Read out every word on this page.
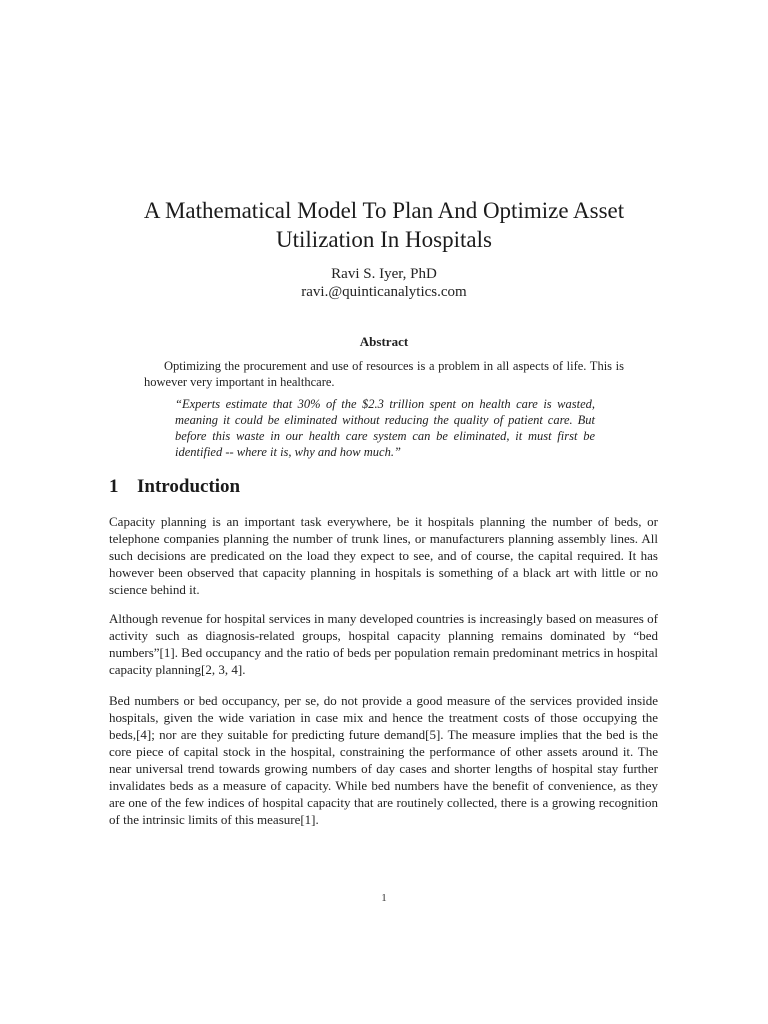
A Mathematical Model To Plan And Optimize Asset Utilization In Hospitals
Ravi S. Iyer, PhD
ravi.@quinticanalytics.com
Abstract
Optimizing the procurement and use of resources is a problem in all aspects of life. This is however very important in healthcare.
“Experts estimate that 30% of the $2.3 trillion spent on health care is wasted, meaning it could be eliminated without reducing the quality of patient care. But before this waste in our health care system can be eliminated, it must first be identified -- where it is, why and how much.”
1 Introduction

Capacity planning is an important task everywhere, be it hospitals planning the number of beds, or telephone companies planning the number of trunk lines, or manufacturers planning assembly lines. All such decisions are predicated on the load they expect to see, and of course, the capital required. It has however been observed that capacity planning in hospitals is something of a black art with little or no science behind it.

Although revenue for hospital services in many developed countries is increasingly based on measures of activity such as diagnosis-related groups, hospital capacity planning remains dominated by “bed numbers”[1]. Bed occupancy and the ratio of beds per population remain predominant metrics in hospital capacity planning[2, 3, 4].

Bed numbers or bed occupancy, per se, do not provide a good measure of the services provided inside hospitals, given the wide variation in case mix and hence the treatment costs of those occupying the beds,[4]; nor are they suitable for predicting future demand[5]. The measure implies that the bed is the core piece of capital stock in the hospital, constraining the performance of other assets around it. The near universal trend towards growing numbers of day cases and shorter lengths of hospital stay further invalidates beds as a measure of capacity. While bed numbers have the benefit of convenience, as they are one of the few indices of hospital capacity that are routinely collected, there is a growing recognition of the intrinsic limits of this measure[1].

1
